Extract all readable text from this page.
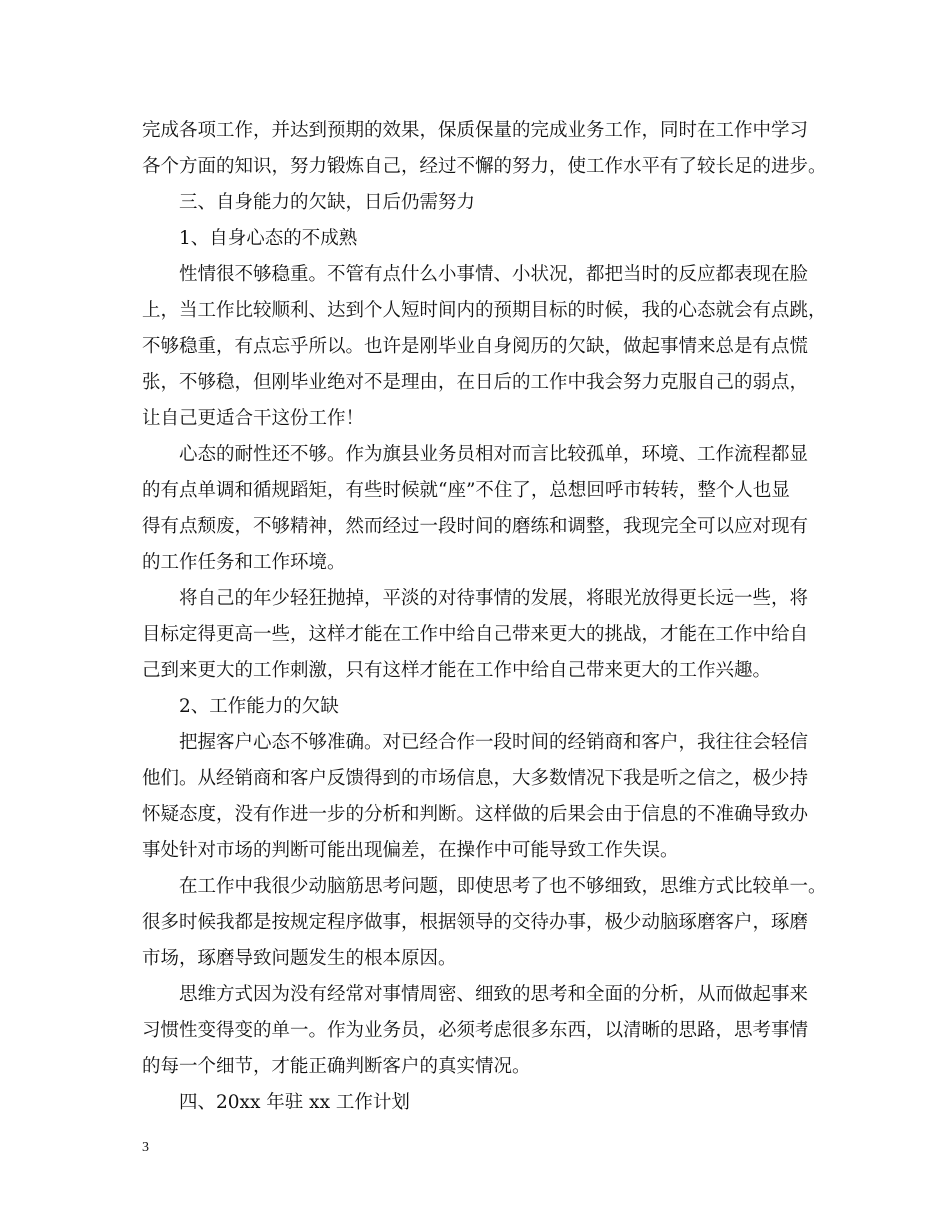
完成各项工作，并达到预期的效果，保质保量的完成业务工作，同时在工作中学习
各个方面的知识，努力锻炼自己，经过不懈的努力，使工作水平有了较长足的进步。
三、自身能力的欠缺，日后仍需努力
1、自身心态的不成熟
性情很不够稳重。不管有点什么小事情、小状况，都把当时的反应都表现在脸
上，当工作比较顺利、达到个人短时间内的预期目标的时候，我的心态就会有点跳，
不够稳重，有点忘乎所以。也许是刚毕业自身阅历的欠缺，做起事情来总是有点慌
张，不够稳，但刚毕业绝对不是理由，在日后的工作中我会努力克服自己的弱点，
让自己更适合干这份工作！
心态的耐性还不够。作为旗县业务员相对而言比较孤单，环境、工作流程都显
的有点单调和循规蹈矩，有些时候就“座”不住了，总想回呼市转转，整个人也显
得有点颓废，不够精神，然而经过一段时间的磨练和调整，我现完全可以应对现有
的工作任务和工作环境。
将自己的年少轻狂抛掉，平淡的对待事情的发展，将眼光放得更长远一些，将
目标定得更高一些，这样才能在工作中给自己带来更大的挑战，才能在工作中给自
己到来更大的工作刺激，只有这样才能在工作中给自己带来更大的工作兴趣。
2、工作能力的欠缺
把握客户心态不够准确。对已经合作一段时间的经销商和客户，我往往会轻信
他们。从经销商和客户反馈得到的市场信息，大多数情况下我是听之信之，极少持
怀疑态度，没有作进一步的分析和判断。这样做的后果会由于信息的不准确导致办
事处针对市场的判断可能出现偏差，在操作中可能导致工作失误。
在工作中我很少动脑筋思考问题，即使思考了也不够细致，思维方式比较单一。
很多时候我都是按规定程序做事，根据领导的交待办事，极少动脑琢磨客户，琢磨
市场，琢磨导致问题发生的根本原因。
思维方式因为没有经常对事情周密、细致的思考和全面的分析，从而做起事来
习惯性变得变的单一。作为业务员，必须考虑很多东西，以清晰的思路，思考事情
的每一个细节，才能正确判断客户的真实情况。
四、20xx 年驻 xx 工作计划
3
